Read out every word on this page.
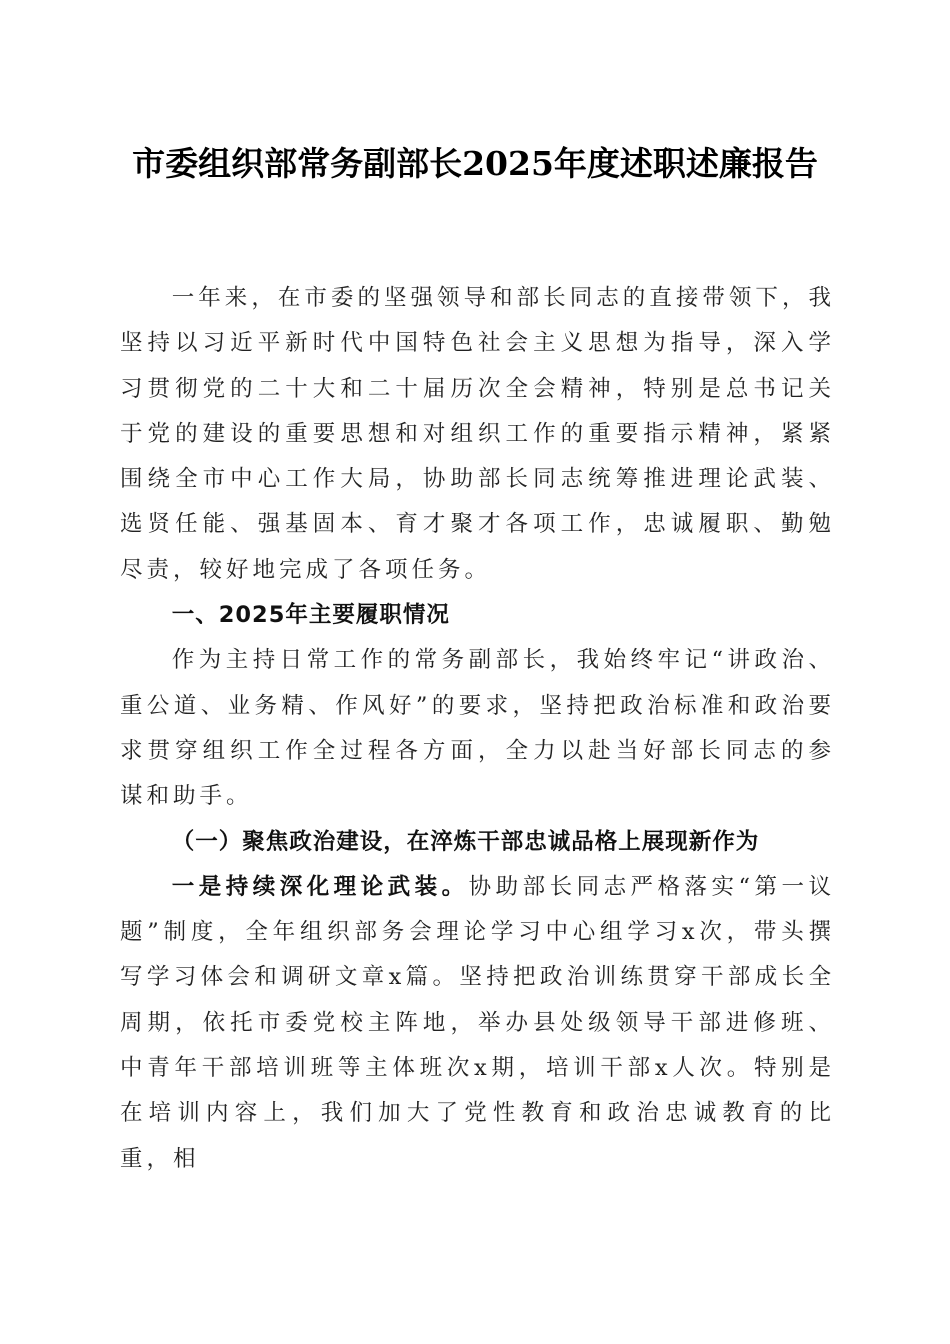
市委组织部常务副部长2025年度述职述廉报告

一年来，在市委的坚强领导和部长同志的直接带领下，我坚持以习近平新时代中国特色社会主义思想为指导，深入学习贯彻党的二十大和二十届历次全会精神，特别是总书记关于党的建设的重要思想和对组织工作的重要指示精神，紧紧围绕全市中心工作大局，协助部长同志统筹推进理论武装、选贤任能、强基固本、育才聚才各项工作，忠诚履职、勤勉尽责，较好地完成了各项任务。

一、2025年主要履职情况

作为主持日常工作的常务副部长，我始终牢记“讲政治、重公道、业务精、作风好”的要求，坚持把政治标准和政治要求贯穿组织工作全过程各方面，全力以赴当好部长同志的参谋和助手。

（一）聚焦政治建设，在淬炼干部忠诚品格上展现新作为

一是持续深化理论武装。协助部长同志严格落实“第一议题”制度，全年组织部务会理论学习中心组学习x次，带头撰写学习体会和调研文章x篇。坚持把政治训练贯穿干部成长全周期，依托市委党校主阵地，举办县处级领导干部进修班、中青年干部培训班等主体班次x期，培训干部x人次。特别是在培训内容上，我们加大了党性教育和政治忠诚教育的比重，相
